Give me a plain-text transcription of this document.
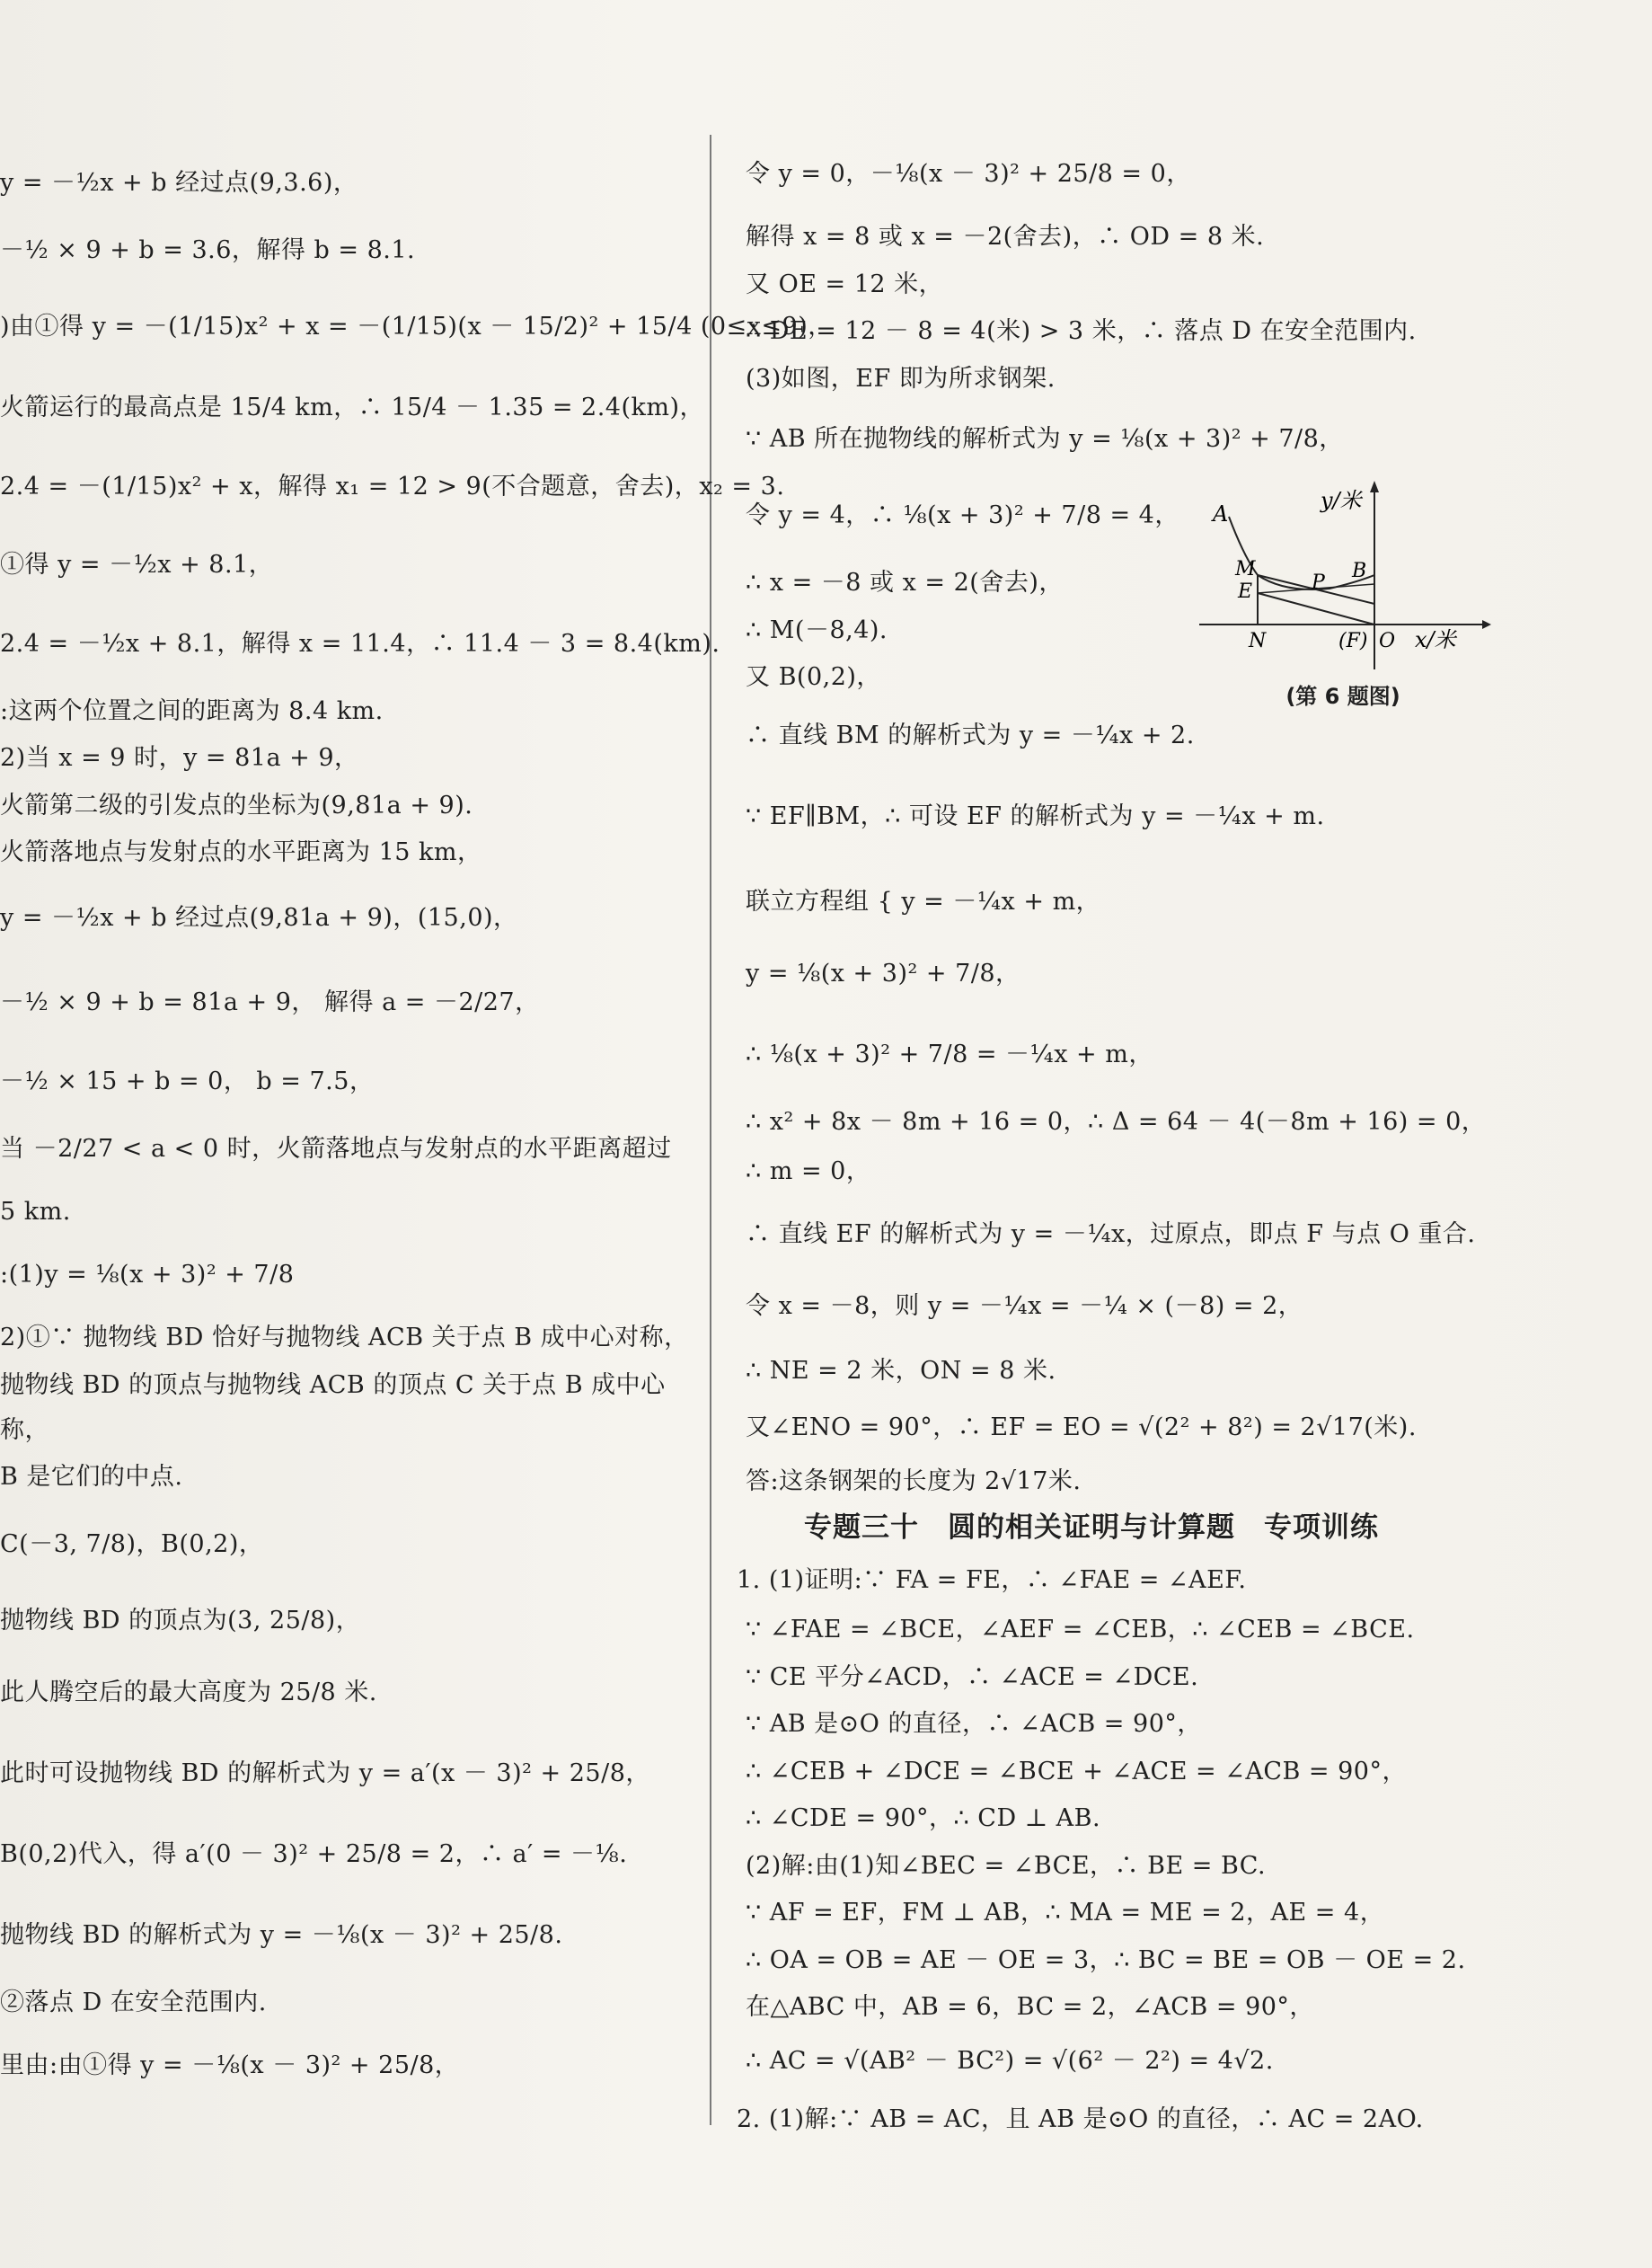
y = －½x + b 经过点(9,3.6)，
－½ × 9 + b = 3.6，解得 b = 8.1.
)由①得 y = －(1/15)x² + x = －(1/15)(x － 15/2)² + 15/4 (0≤x≤9)，
火箭运行的最高点是 15/4 km，∴ 15/4 － 1.35 = 2.4(km)，
2.4 = －(1/15)x² + x，解得 x₁ = 12 > 9(不合题意，舍去)，x₂ = 3.
①得 y = －½x + 8.1，
2.4 = －½x + 8.1，解得 x = 11.4，∴ 11.4 － 3 = 8.4(km).
:这两个位置之间的距离为 8.4 km.
2)当 x = 9 时，y = 81a + 9，
火箭第二级的引发点的坐标为(9,81a + 9).
火箭落地点与发射点的水平距离为 15 km，
y = －½x + b 经过点(9,81a + 9)，(15,0)，
－½ × 9 + b = 81a + 9， 解得 a = －2/27，
－½ × 15 + b = 0， b = 7.5，
当 －2/27 < a < 0 时，火箭落地点与发射点的水平距离超过
5 km.
:(1)y = ⅛(x + 3)² + 7/8
2)①∵ 抛物线 BD 恰好与抛物线 ACB 关于点 B 成中心对称，
抛物线 BD 的顶点与抛物线 ACB 的顶点 C 关于点 B 成中心
称，
B 是它们的中点.
C(－3, 7/8)，B(0,2)，
抛物线 BD 的顶点为(3, 25/8)，
此人腾空后的最大高度为 25/8 米.
此时可设抛物线 BD 的解析式为 y = a′(x － 3)² + 25/8，
B(0,2)代入，得 a′(0 － 3)² + 25/8 = 2，∴ a′ = －⅛.
抛物线 BD 的解析式为 y = －⅛(x － 3)² + 25/8.
②落点 D 在安全范围内.
里由:由①得 y = －⅛(x － 3)² + 25/8，
令 y = 0，－⅛(x － 3)² + 25/8 = 0，
解得 x = 8 或 x = －2(舍去)，∴ OD = 8 米.
又 OE = 12 米，
∴ DE = 12 － 8 = 4(米) > 3 米，∴ 落点 D 在安全范围内.
(3)如图，EF 即为所求钢架.
∵ AB 所在抛物线的解析式为 y = ⅛(x + 3)² + 7/8，
令 y = 4，∴ ⅛(x + 3)² + 7/8 = 4，
∴ x = －8 或 x = 2(舍去)，
∴ M(－8,4).
又 B(0,2)，
∴ 直线 BM 的解析式为 y = －¼x + 2.
∵ EF∥BM，∴ 可设 EF 的解析式为 y = －¼x + m.
联立方程组 { y = －¼x + m，
y = ⅛(x + 3)² + 7/8，
∴ ⅛(x + 3)² + 7/8 = －¼x + m，
∴ x² + 8x － 8m + 16 = 0，∴ Δ = 64 － 4(－8m + 16) = 0，
∴ m = 0，
∴ 直线 EF 的解析式为 y = －¼x，过原点，即点 F 与点 O 重合.
令 x = －8，则 y = －¼x = －¼ × (－8) = 2，
∴ NE = 2 米，ON = 8 米.
又∠ENO = 90°，∴ EF = EO = √(2² + 8²) = 2√17(米).
答:这条钢架的长度为 2√17米.
专题三十　圆的相关证明与计算题　专项训练
1. (1)证明:∵ FA = FE，∴ ∠FAE = ∠AEF.
∵ ∠FAE = ∠BCE，∠AEF = ∠CEB，∴ ∠CEB = ∠BCE.
∵ CE 平分∠ACD，∴ ∠ACE = ∠DCE.
∵ AB 是⊙O 的直径，∴ ∠ACB = 90°，
∴ ∠CEB + ∠DCE = ∠BCE + ∠ACE = ∠ACB = 90°，
∴ ∠CDE = 90°，∴ CD ⊥ AB.
(2)解:由(1)知∠BEC = ∠BCE，∴ BE = BC.
∵ AF = EF，FM ⊥ AB，∴ MA = ME = 2，AE = 4，
∴ OA = OB = AE － OE = 3，∴ BC = BE = OB － OE = 2.
在△ABC 中，AB = 6，BC = 2，∠ACB = 90°，
∴ AC = √(AB² － BC²) = √(6² － 2²) = 4√2.
2. (1)解:∵ AB = AC，且 AB 是⊙O 的直径，∴ AC = 2AO.
A
M
E	P
B
N	(F) O
y/米
x/米
(第 6 题图)
